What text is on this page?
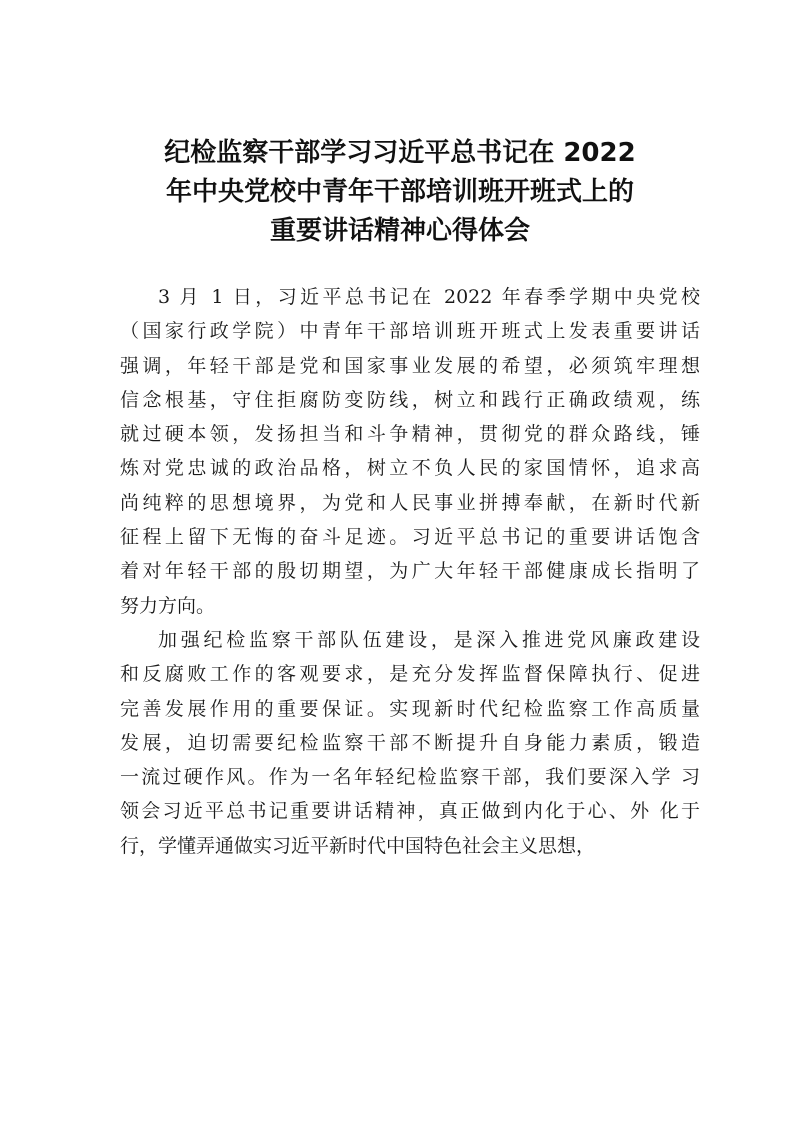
纪检监察干部学习习近平总书记在 2022
年中央党校中青年干部培训班开班式上的
重要讲话精神心得体会
3 月 1 日，习近平总书记在 2022 年春季学期中央党校
（国家行政学院）中青年干部培训班开班式上发表重要讲话
强调，年轻干部是党和国家事业发展的希望，必须筑牢理想
信念根基，守住拒腐防变防线，树立和践行正确政绩观，练
就过硬本领，发扬担当和斗争精神，贯彻党的群众路线，锤
炼对党忠诚的政治品格，树立不负人民的家国情怀，追求高
尚纯粹的思想境界，为党和人民事业拼搏奉献，在新时代新
征程上留下无悔的奋斗足迹。习近平总书记的重要讲话饱含
着对年轻干部的殷切期望，为广大年轻干部健康成长指明了
努力方向。
加强纪检监察干部队伍建设，是深入推进党风廉政建设
和反腐败工作的客观要求，是充分发挥监督保障执行、促进
完善发展作用的重要保证。实现新时代纪检监察工作高质量
发展，迫切需要纪检监察干部不断提升自身能力素质，锻造
一流过硬作风。作为一名年轻纪检监察干部，我们要深入学 习
领会习近平总书记重要讲话精神，真正做到内化于心、外 化于
行，学懂弄通做实习近平新时代中国特色社会主义思想，
